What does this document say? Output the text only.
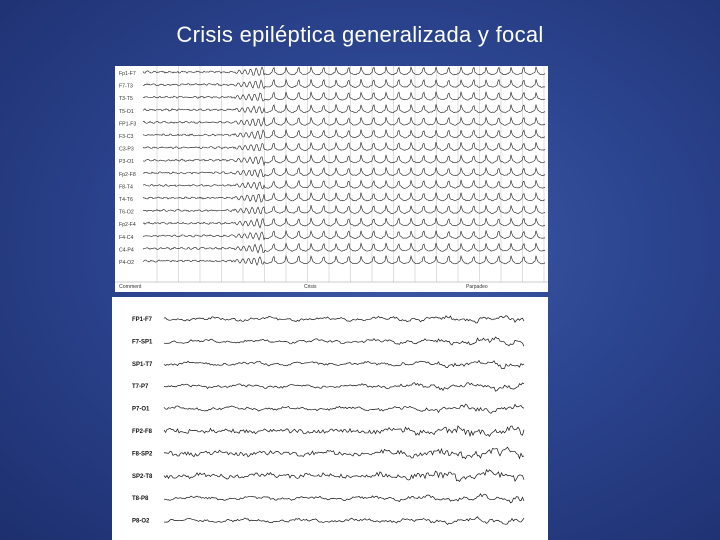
Crisis epiléptica generalizada y focal
Fp1-F7
F7-T3
T3-T5
T5-O1
FP1-F3
F3-C3
C3-P3
P3-O1
Fp2-F8
F8-T4
T4-T6
T6-O2
Fp2-F4
F4-C4
C4-P4
P4-O2
Comment	Crisis	Parpadeo
FP1-F7
F7-SP1
SP1-T7
T7-P7
P7-O1
FP2-F8
F8-SP2
SP2-T8
T8-P8
P8-O2
